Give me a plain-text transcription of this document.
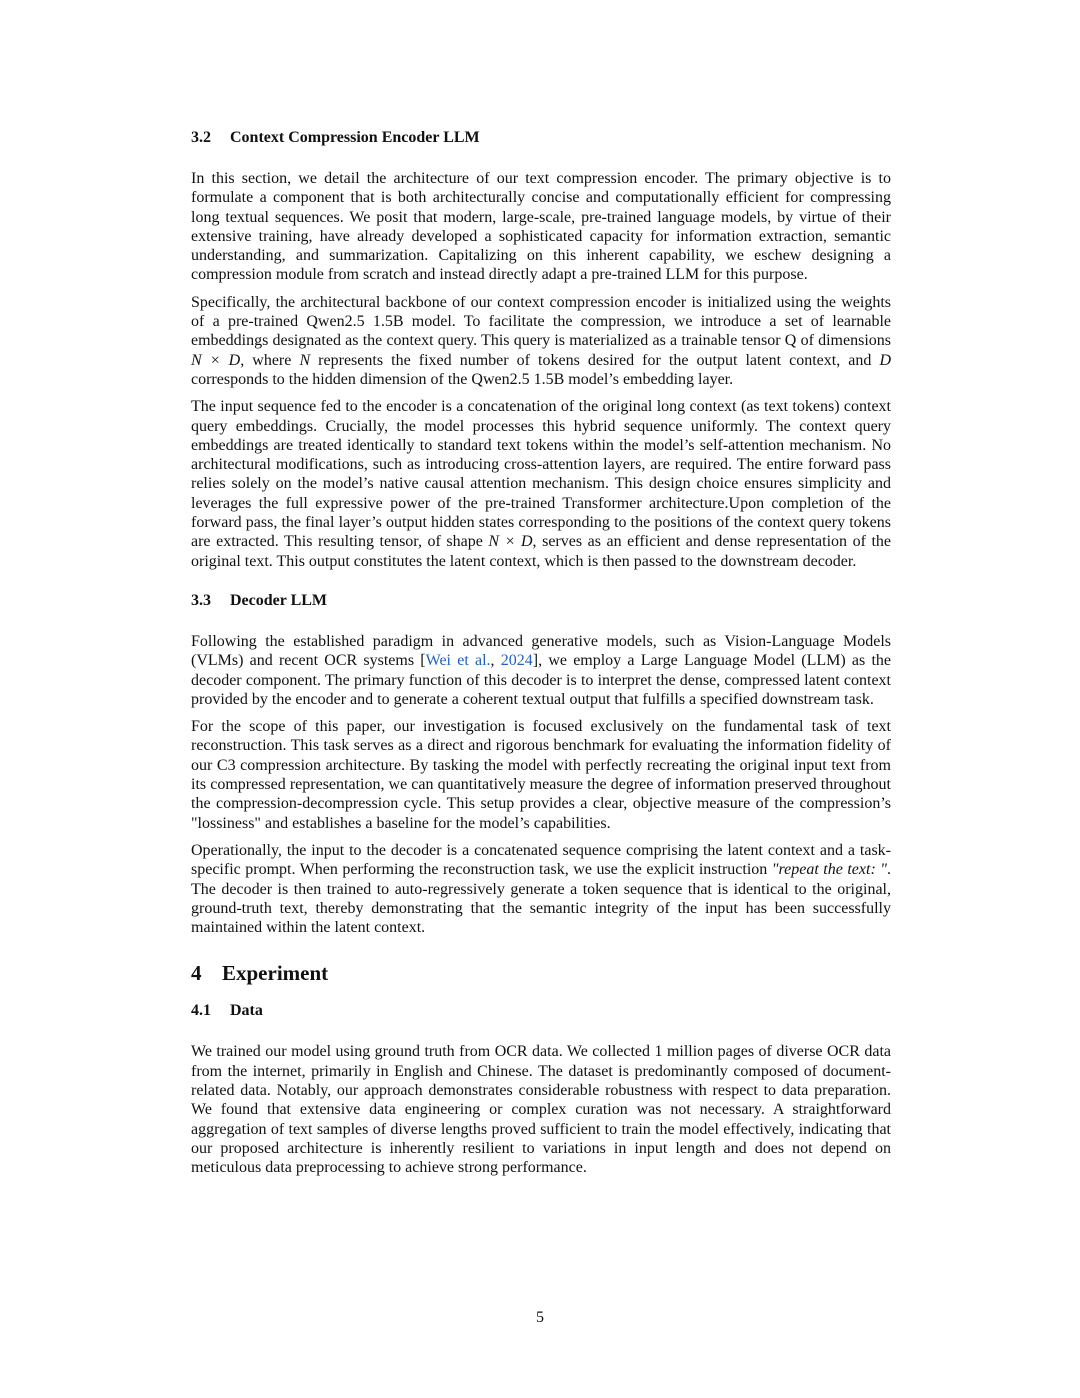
3.2 Context Compression Encoder LLM

In this section, we detail the architecture of our text compression encoder. The primary objective is to formulate a component that is both architecturally concise and computationally efficient for compressing long textual sequences. We posit that modern, large-scale, pre-trained language models, by virtue of their extensive training, have already developed a sophisticated capacity for information extraction, semantic understanding, and summarization. Capitalizing on this inherent capability, we eschew designing a compression module from scratch and instead directly adapt a pre-trained LLM for this purpose.

Specifically, the architectural backbone of our context compression encoder is initialized using the weights of a pre-trained Qwen2.5 1.5B model. To facilitate the compression, we introduce a set of learnable embeddings designated as the context query. This query is materialized as a trainable tensor Q of dimensions N × D, where N represents the fixed number of tokens desired for the output latent context, and D corresponds to the hidden dimension of the Qwen2.5 1.5B model’s embedding layer.

The input sequence fed to the encoder is a concatenation of the original long context (as text tokens) context query embeddings. Crucially, the model processes this hybrid sequence uniformly. The context query embeddings are treated identically to standard text tokens within the model’s self-attention mechanism. No architectural modifications, such as introducing cross-attention layers, are required. The entire forward pass relies solely on the model’s native causal attention mechanism. This design choice ensures simplicity and leverages the full expressive power of the pre-trained Transformer architecture.Upon completion of the forward pass, the final layer’s output hidden states corresponding to the positions of the context query tokens are extracted. This resulting tensor, of shape N × D, serves as an efficient and dense representation of the original text. This output constitutes the latent context, which is then passed to the downstream decoder.

3.3 Decoder LLM

Following the established paradigm in advanced generative models, such as Vision-Language Models (VLMs) and recent OCR systems [Wei et al., 2024], we employ a Large Language Model (LLM) as the decoder component. The primary function of this decoder is to interpret the dense, compressed latent context provided by the encoder and to generate a coherent textual output that fulfills a specified downstream task.

For the scope of this paper, our investigation is focused exclusively on the fundamental task of text reconstruction. This task serves as a direct and rigorous benchmark for evaluating the information fidelity of our C3 compression architecture. By tasking the model with perfectly recreating the original input text from its compressed representation, we can quantitatively measure the degree of information preserved throughout the compression-decompression cycle. This setup provides a clear, objective measure of the compression’s "lossiness" and establishes a baseline for the model’s capabilities.

Operationally, the input to the decoder is a concatenated sequence comprising the latent context and a task-specific prompt. When performing the reconstruction task, we use the explicit instruction "repeat the text: ". The decoder is then trained to auto-regressively generate a token sequence that is identical to the original, ground-truth text, thereby demonstrating that the semantic integrity of the input has been successfully maintained within the latent context.

4 Experiment
4.1 Data

We trained our model using ground truth from OCR data. We collected 1 million pages of diverse OCR data from the internet, primarily in English and Chinese. The dataset is predominantly composed of document-related data. Notably, our approach demonstrates considerable robustness with respect to data preparation. We found that extensive data engineering or complex curation was not necessary. A straightforward aggregation of text samples of diverse lengths proved sufficient to train the model effectively, indicating that our proposed architecture is inherently resilient to variations in input length and does not depend on meticulous data preprocessing to achieve strong performance.

5
